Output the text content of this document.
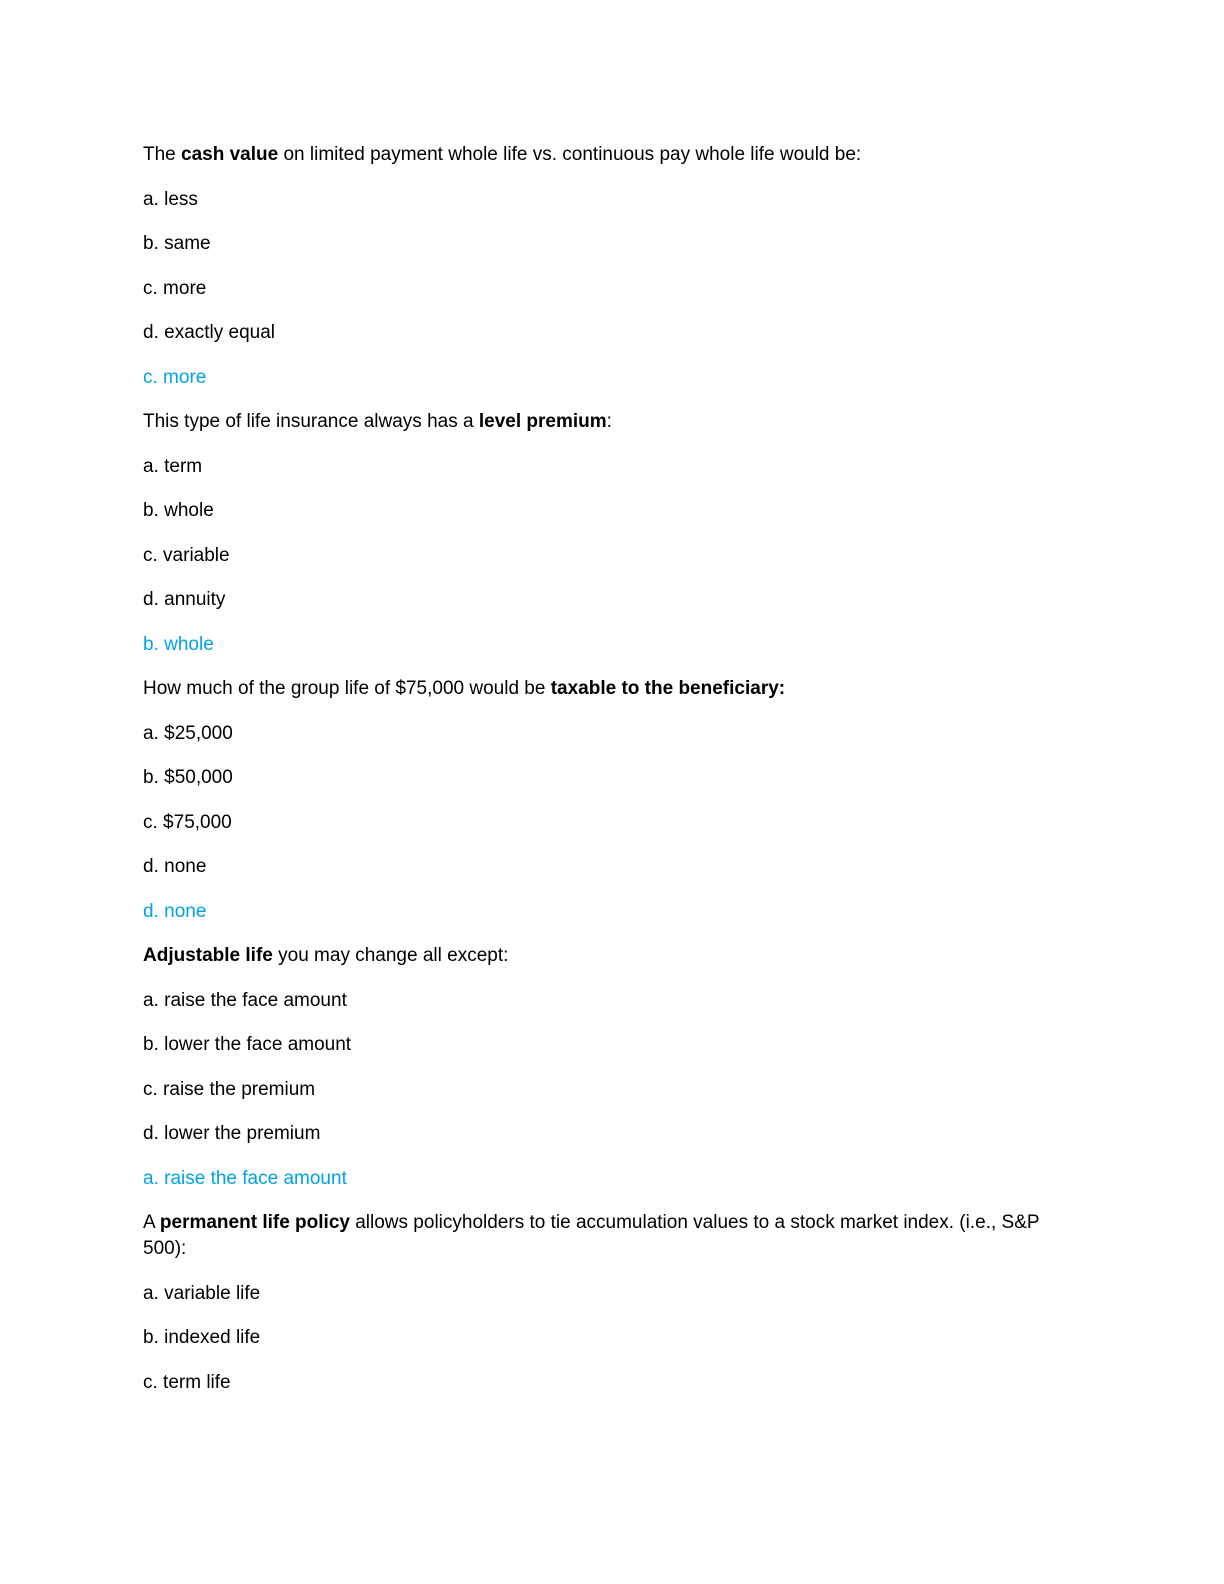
The cash value on limited payment whole life vs. continuous pay whole life would be:

a. less

b. same

c. more

d. exactly equal

c. more

This type of life insurance always has a level premium:

a. term

b. whole

c. variable

d. annuity

b. whole

How much of the group life of $75,000 would be taxable to the beneficiary:

a. $25,000

b. $50,000

c. $75,000

d. none

d. none

Adjustable life you may change all except:

a. raise the face amount

b. lower the face amount

c. raise the premium

d. lower the premium

a. raise the face amount

A permanent life policy allows policyholders to tie accumulation values to a stock market index. (i.e., S&P 500):

a. variable life

b. indexed life

c. term life
